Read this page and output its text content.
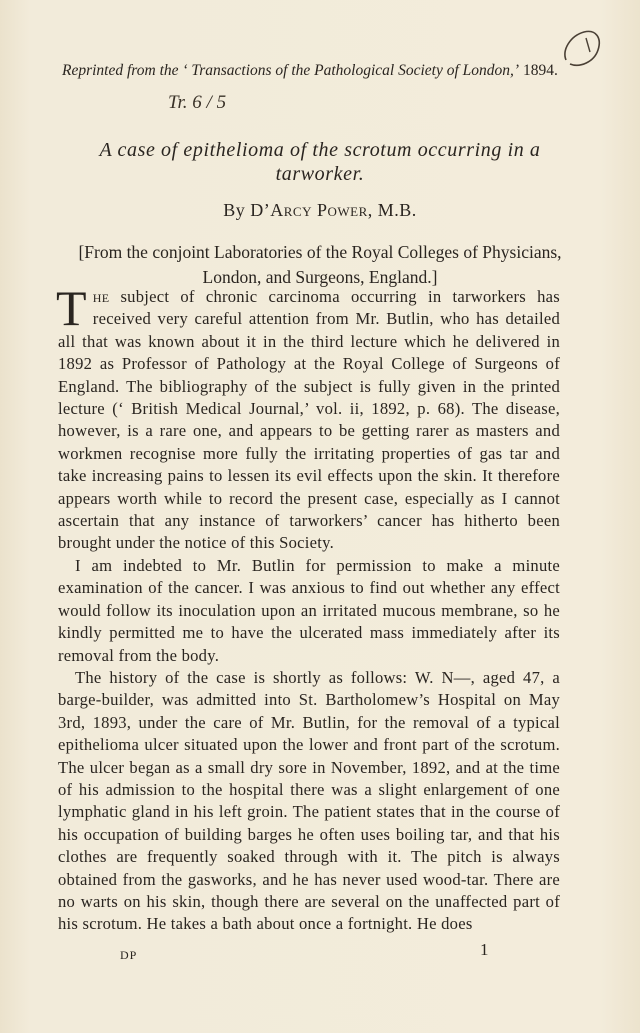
Reprinted from the ‘ Transactions of the Pathological Society of London,’ 1894.
Tr. 6 / 5
A case of epithelioma of the scrotum occurring in a
tarworker.
By D’Arcy Power, M.B.
[From the conjoint Laboratories of the Royal Colleges of Physicians,
London, and Surgeons, England.]

The subject of chronic carcinoma occurring in tarworkers has received very careful attention from Mr. Butlin, who has detailed all that was known about it in the third lecture which he delivered in 1892 as Professor of Pathology at the Royal College of Surgeons of England. The bibliography of the subject is fully given in the printed lecture (‘ British Medical Journal,’ vol. ii, 1892, p. 68). The disease, however, is a rare one, and appears to be getting rarer as masters and workmen recognise more fully the irritating properties of gas tar and take increasing pains to lessen its evil effects upon the skin. It therefore appears worth while to record the present case, especially as I cannot ascertain that any instance of tarworkers’ cancer has hitherto been brought under the notice of this Society.

I am indebted to Mr. Butlin for permission to make a minute examination of the cancer. I was anxious to find out whether any effect would follow its inoculation upon an irritated mucous membrane, so he kindly permitted me to have the ulcerated mass immediately after its removal from the body.

The history of the case is shortly as follows: W. N—, aged 47, a barge-builder, was admitted into St. Bartholomew’s Hospital on May 3rd, 1893, under the care of Mr. Butlin, for the removal of a typical epithelioma ulcer situated upon the lower and front part of the scrotum. The ulcer began as a small dry sore in November, 1892, and at the time of his admission to the hospital there was a slight enlargement of one lymphatic gland in his left groin. The patient states that in the course of his occupation of building barges he often uses boiling tar, and that his clothes are frequently soaked through with it. The pitch is always obtained from the gasworks, and he has never used wood-tar. There are no warts on his skin, though there are several on the unaffected part of his scrotum. He takes a bath about once a fortnight. He does

DP	1
